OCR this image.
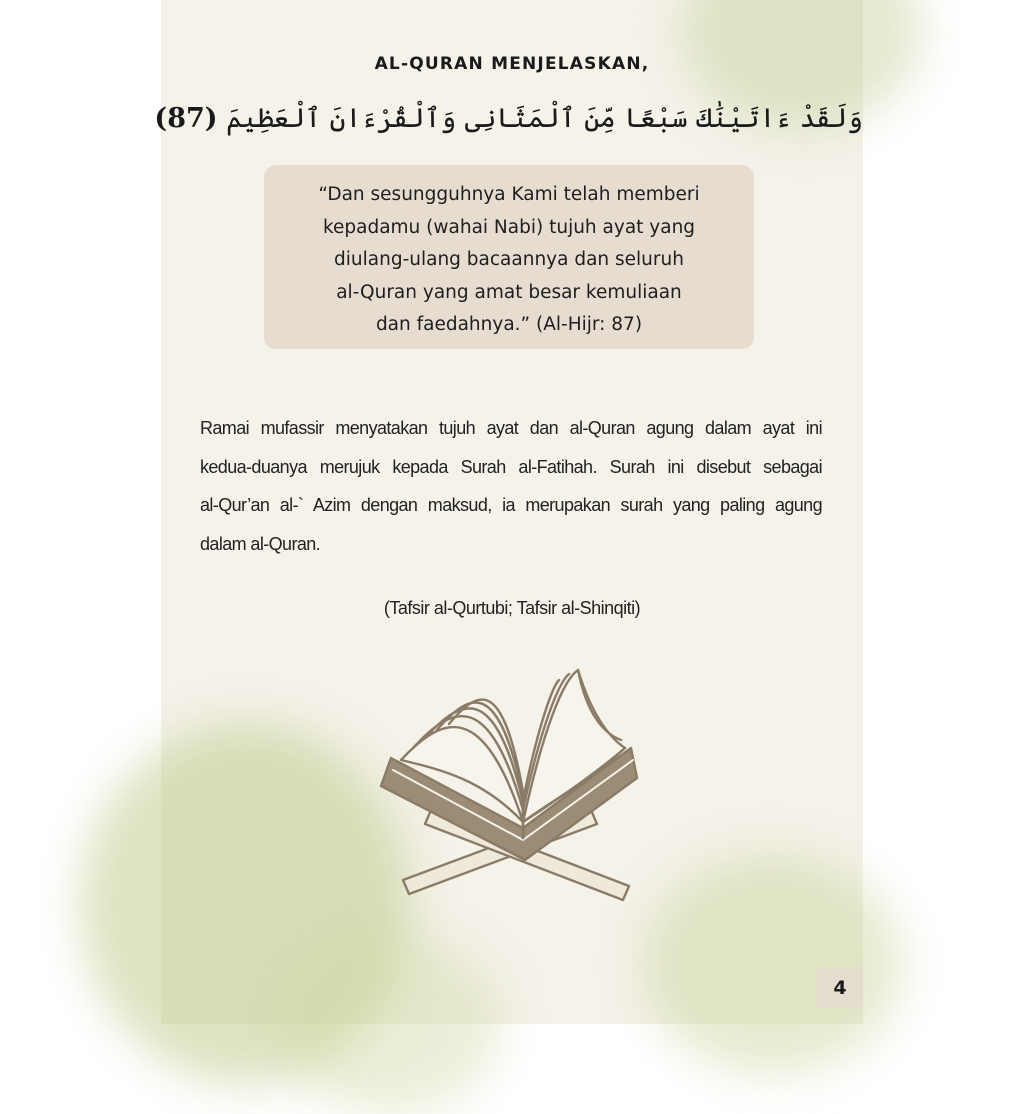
AL-QURAN MENJELASKAN,
وَلَقَدْ ءَاتَيْنَٰكَ سَبْعًا مِّنَ ٱلْمَثَانِى وَٱلْقُرْءَانَ ٱلْعَظِيمَ (87)
“Dan sesungguhnya Kami telah memberi
kepadamu (wahai Nabi) tujuh ayat yang
diulang-ulang bacaannya dan seluruh
al-Quran yang amat besar kemuliaan
dan faedahnya.” (Al-Hijr: 87)
Ramai mufassir menyatakan tujuh ayat dan al-Quran agung dalam ayat ini
kedua-duanya merujuk kepada Surah al-Fatihah. Surah ini disebut sebagai
al-Qur’an al-` Azim dengan maksud, ia merupakan surah yang paling agung
dalam al-Quran.
(Tafsir al-Qurtubi; Tafsir al-Shinqiti)
4
